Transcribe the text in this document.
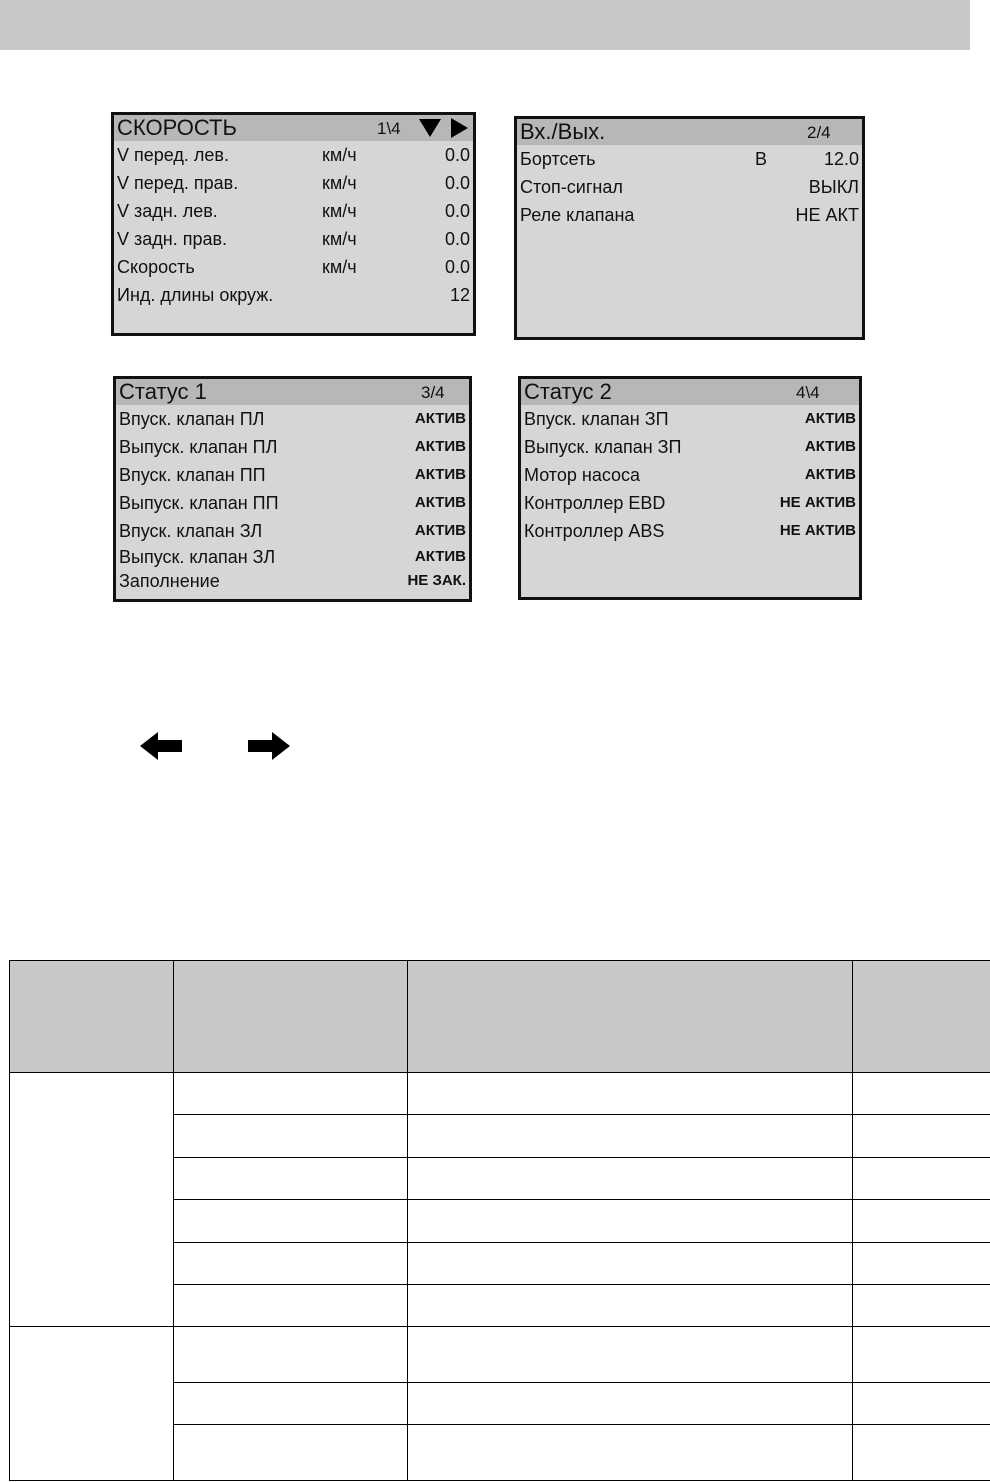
СКОРОСТЬ	1\4
V перед. лев.	км/ч	0.0
V перед. прав.	км/ч	0.0
V задн. лев.	км/ч	0.0
V задн. прав.	км/ч	0.0
Скорость	км/ч	0.0
Инд. длины окруж.	12
Вх./Вых.	2/4
Бортсеть	В	12.0
Стоп-сигнал	ВЫКЛ
Реле клапана	НЕ АКТ
Статус 1	3/4
Впуск. клапан ПЛ	АКТИВ
Выпуск. клапан ПЛ	АКТИВ
Впуск. клапан ПП	АКТИВ
Выпуск. клапан ПП	АКТИВ
Впуск. клапан ЗЛ	АКТИВ
Выпуск. клапан ЗЛ	АКТИВ
Заполнение	НЕ ЗАК.
Статус 2	4\4
Впуск. клапан ЗП	АКТИВ
Выпуск. клапан ЗП	АКТИВ
Мотор насоса	АКТИВ
Контроллер EBD	НЕ АКТИВ
Контроллер ABS	НЕ АКТИВ
